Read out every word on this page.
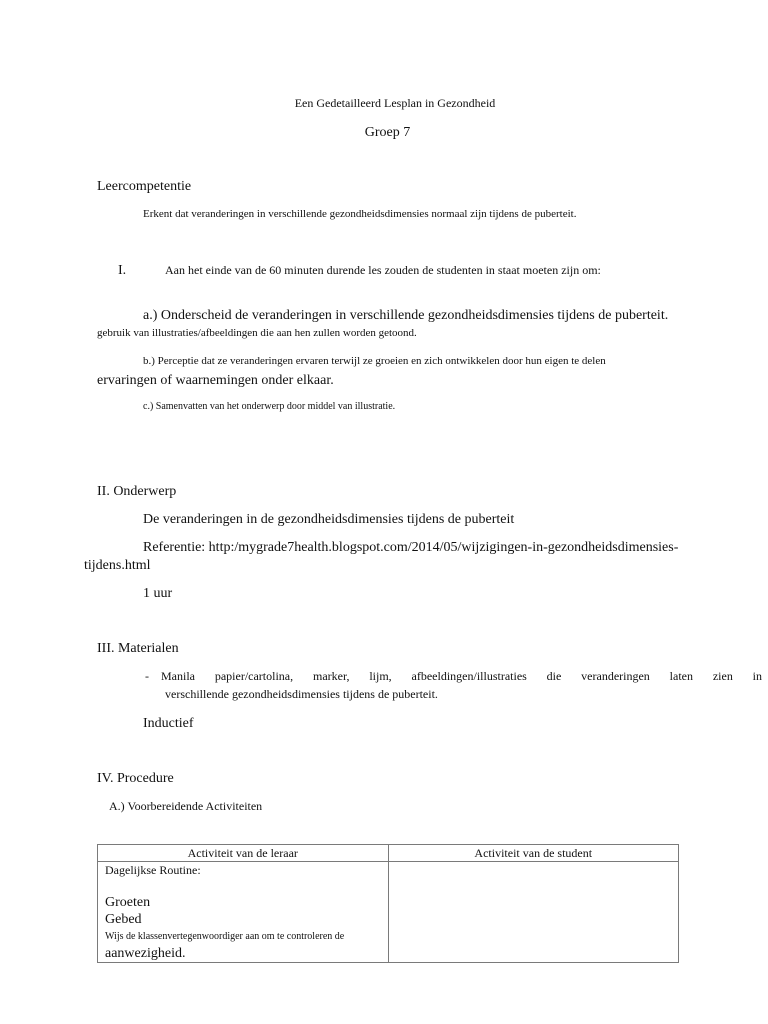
Een Gedetailleerd Lesplan in Gezondheid
Groep 7
Leercompetentie
Erkent dat veranderingen in verschillende gezondheidsdimensies normaal zijn tijdens de puberteit.
I.	Aan het einde van de 60 minuten durende les zouden de studenten in staat moeten zijn om:
a.) Onderscheid de veranderingen in verschillende gezondheidsdimensies tijdens de puberteit.
gebruik van illustraties/afbeeldingen die aan hen zullen worden getoond.
b.) Perceptie dat ze veranderingen ervaren terwijl ze groeien en zich ontwikkelen door hun eigen te delen
ervaringen of waarnemingen onder elkaar.
c.) Samenvatten van het onderwerp door middel van illustratie.
II. Onderwerp
De veranderingen in de gezondheidsdimensies tijdens de puberteit
Referentie: http:/mygrade7health.blogspot.com/2014/05/wijzigingen-in-gezondheidsdimensies-
tijdens.html
1 uur
III. Materialen
- Manila papier/cartolina, marker, lijm, afbeeldingen/illustraties die veranderingen laten zien in
verschillende gezondheidsdimensies tijdens de puberteit.
Inductief
IV. Procedure
A.) Voorbereidende Activiteiten
Activiteit van de leraar	Activiteit van de student

Dagelijkse Routine:
Groeten
Gebed
Wijs de klassenvertegenwoordiger aan om te controleren de
aanwezigheid.	
